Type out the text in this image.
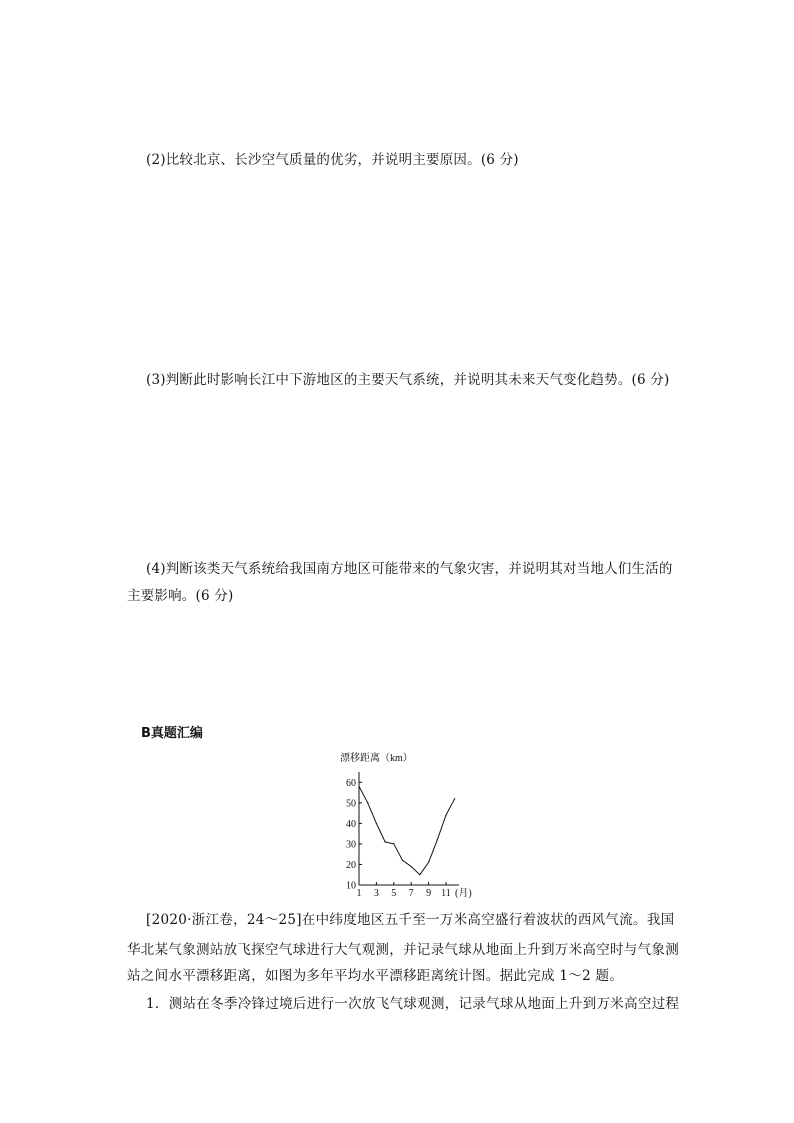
(2)比较北京、长沙空气质量的优劣，并说明主要原因。(6 分)
(3)判断此时影响长江中下游地区的主要天气系统，并说明其未来天气变化趋势。(6 分)
(4)判断该类天气系统给我国南方地区可能带来的气象灾害，并说明其对当地人们生活的
主要影响。(6 分)
B真题汇编
漂移距离（km）
10
20
30
40
50
60
1 3 5 7 9 11 (月)
[2020·浙江卷，24～25]在中纬度地区五千至一万米高空盛行着波状的西风气流。我国
华北某气象测站放飞探空气球进行大气观测，并记录气球从地面上升到万米高空时与气象测
站之间水平漂移距离，如图为多年平均水平漂移距离统计图。据此完成 1～2 题。
1．测站在冬季冷锋过境后进行一次放飞气球观测，记录气球从地面上升到万米高空过程
